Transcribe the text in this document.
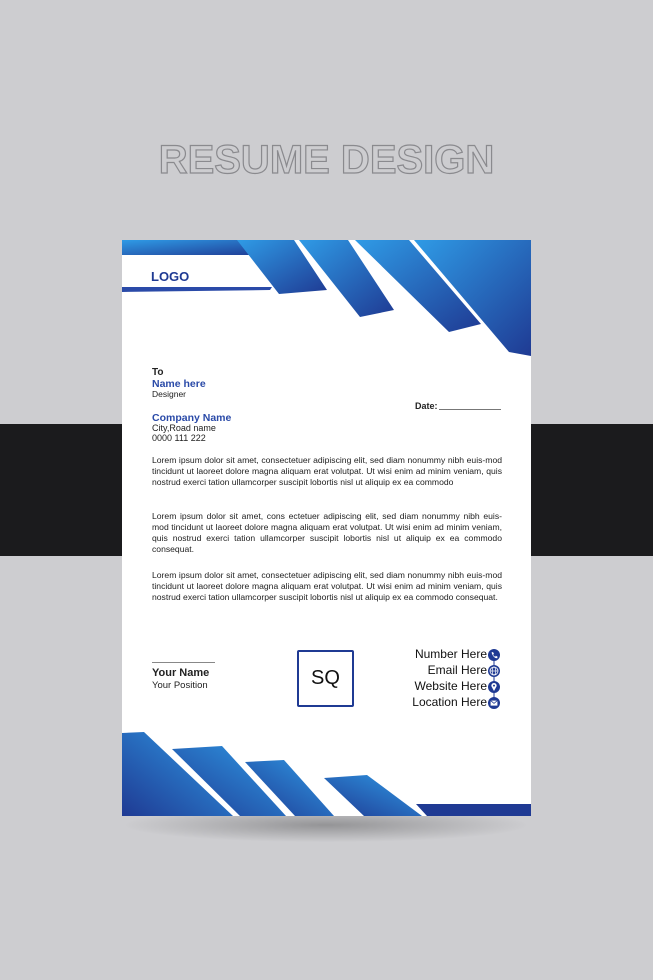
RESUME DESIGN
LOGO
To
Name here
Designer
Date:
Company Name
City,Road name
0000 111 222
Lorem ipsum dolor sit amet, consectetuer adipiscing elit, sed diam nonummy nibh euis-mod tincidunt ut laoreet dolore magna aliquam erat volutpat. Ut wisi enim ad minim veniam, quis nostrud exerci tation ullamcorper suscipit lobortis nisl ut aliquip ex ea commodo
Lorem ipsum dolor sit amet, cons ectetuer adipiscing elit, sed diam nonummy nibh euis-mod tincidunt ut laoreet dolore magna aliquam erat volutpat. Ut wisi enim ad minim veniam, quis nostrud exerci tation ullamcorper suscipit lobortis nisl ut aliquip ex ea commodo consequat.
Lorem ipsum dolor sit amet, consectetuer adipiscing elit, sed diam nonummy nibh euis-mod tincidunt ut laoreet dolore magna aliquam erat volutpat. Ut wisi enim ad minim veniam, quis nostrud exerci tation ullamcorper suscipit lobortis nisl ut aliquip ex ea commodo consequat.
Your Name
Your Position	SQ
Number Here
Email Here
Website Here
Location Here
